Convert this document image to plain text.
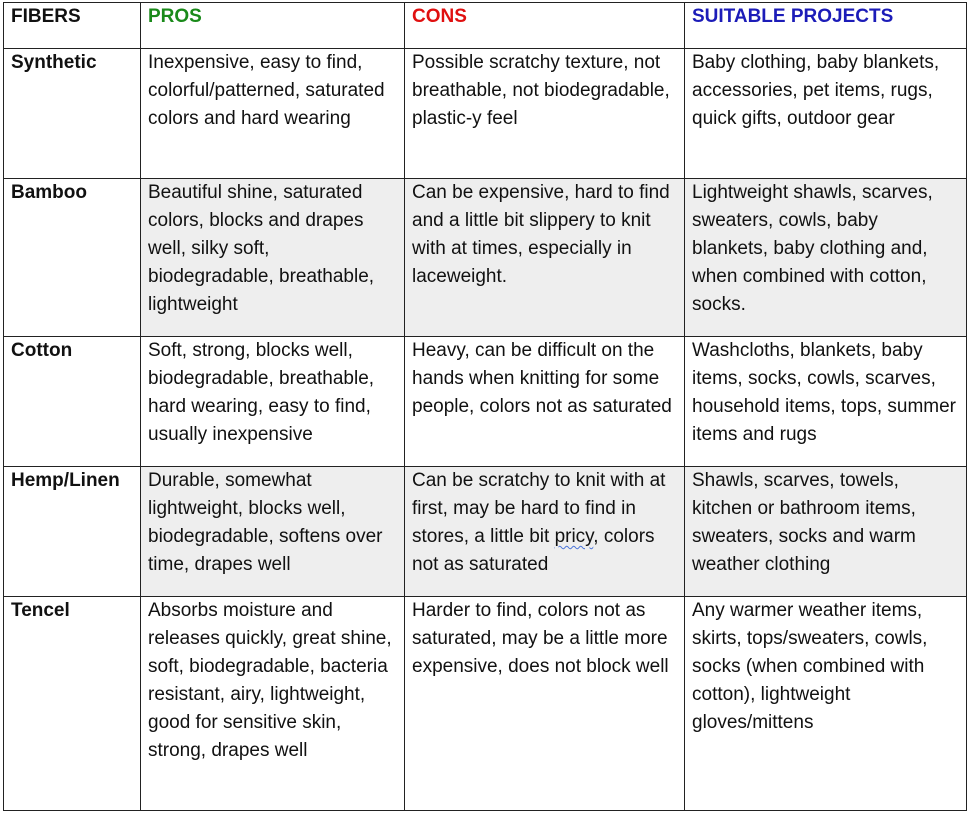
FIBERS	PROS	CONS	SUITABLE PROJECTS
Synthetic	Inexpensive, easy to find, colorful/patterned, saturated colors and hard wearing	Possible scratchy texture, not breathable, not biodegradable, plastic-y feel	Baby clothing, baby blankets, accessories, pet items, rugs, quick gifts, outdoor gear
Bamboo	Beautiful shine, saturated colors, blocks and drapes well, silky soft, biodegradable, breathable, lightweight	Can be expensive, hard to find and a little bit slippery to knit with at times, especially in laceweight.	Lightweight shawls, scarves, sweaters, cowls, baby blankets, baby clothing and, when combined with cotton, socks.
Cotton	Soft, strong, blocks well, biodegradable, breathable, hard wearing, easy to find, usually inexpensive	Heavy, can be difficult on the hands when knitting for some people, colors not as saturated	Washcloths, blankets, baby items, socks, cowls, scarves, household items, tops, summer items and rugs
Hemp/Linen	Durable, somewhat lightweight, blocks well, biodegradable, softens over time, drapes well	Can be scratchy to knit with at first, may be hard to find in stores, a little bit pricy, colors not as saturated	Shawls, scarves, towels, kitchen or bathroom items, sweaters, socks and warm weather clothing
Tencel	Absorbs moisture and releases quickly, great shine, soft, biodegradable, bacteria resistant, airy, lightweight, good for sensitive skin, strong, drapes well	Harder to find, colors not as saturated, may be a little more expensive, does not block well	Any warmer weather items, skirts, tops/sweaters, cowls, socks (when combined with cotton), lightweight gloves/mittens
